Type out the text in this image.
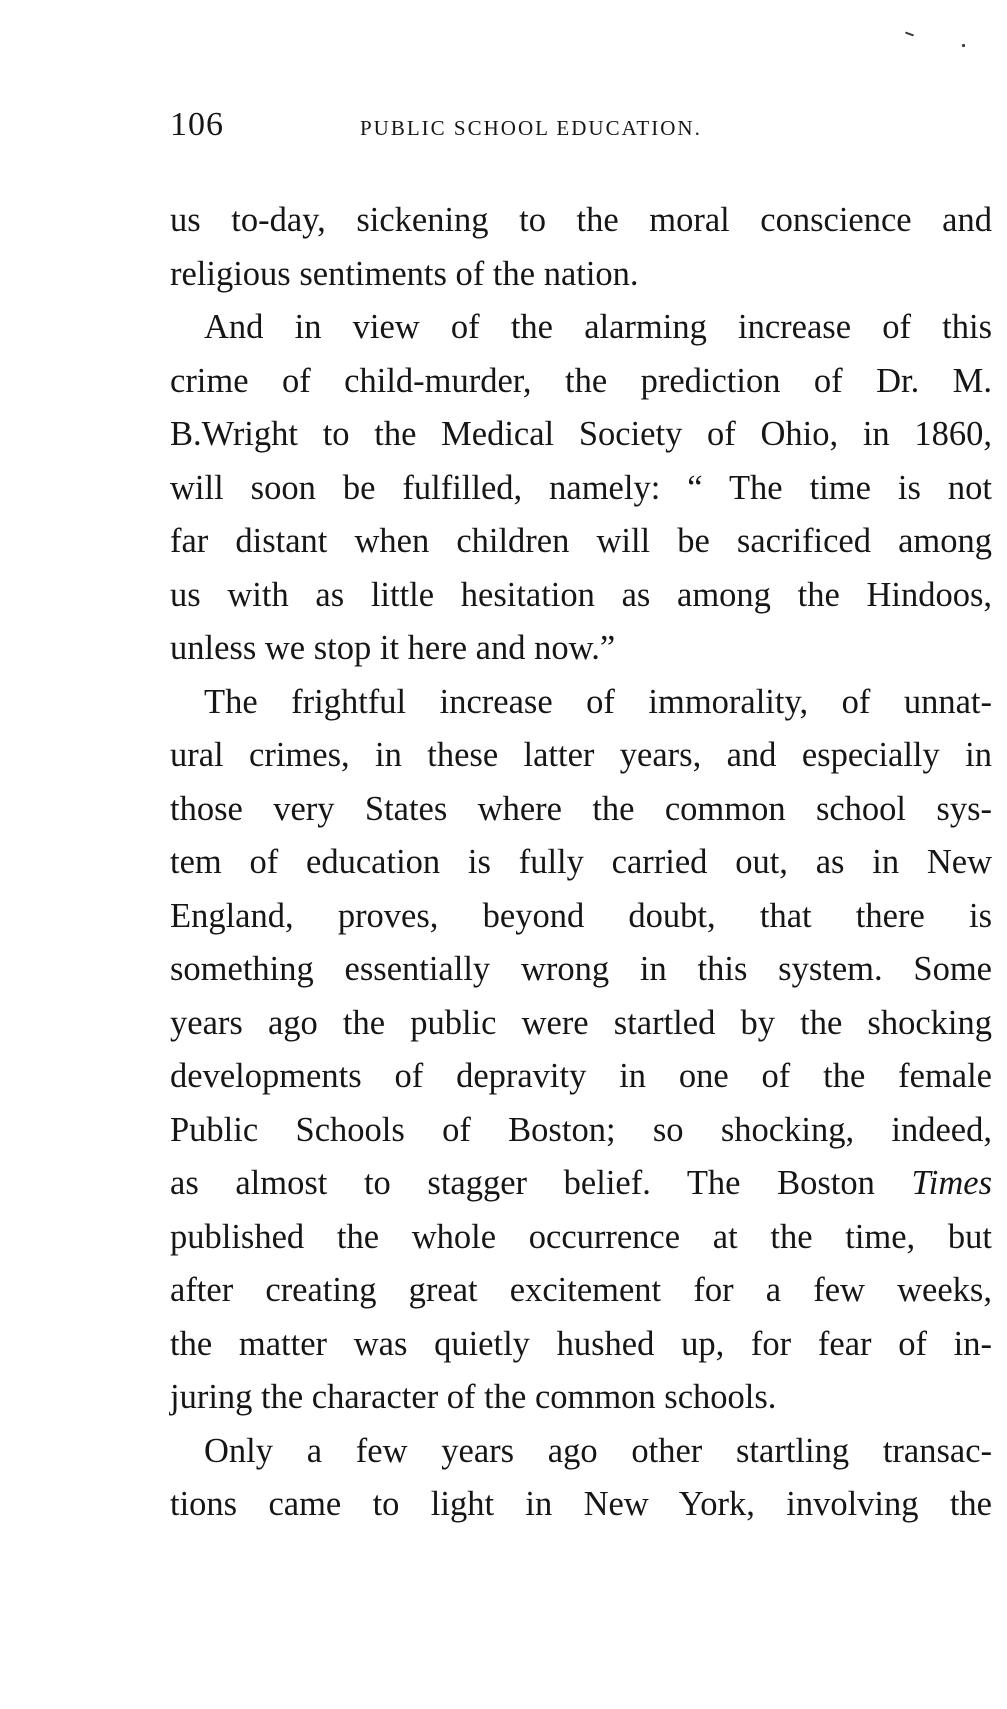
106	PUBLIC SCHOOL EDUCATION.

us to-day, sickening to the moral conscience and
religious sentiments of the nation.

And in view of the alarming increase of this
crime of child-murder, the prediction of Dr. M.
B.Wright to the Medical Society of Ohio, in 1860,
will soon be fulfilled, namely: “ The time is not
far distant when children will be sacrificed among
us with as little hesitation as among the Hindoos,
unless we stop it here and now.”

The frightful increase of immorality, of unnat-
ural crimes, in these latter years, and especially in
those very States where the common school sys-
tem of education is fully carried out, as in New
England, proves, beyond doubt, that there is
something essentially wrong in this system. Some
years ago the public were startled by the shocking
developments of depravity in one of the female
Public Schools of Boston; so shocking, indeed,
as almost to stagger belief. The Boston Times
published the whole occurrence at the time, but
after creating great excitement for a few weeks,
the matter was quietly hushed up, for fear of in-
juring the character of the common schools.

Only a few years ago other startling transac-
tions came to light in New York, involving the
